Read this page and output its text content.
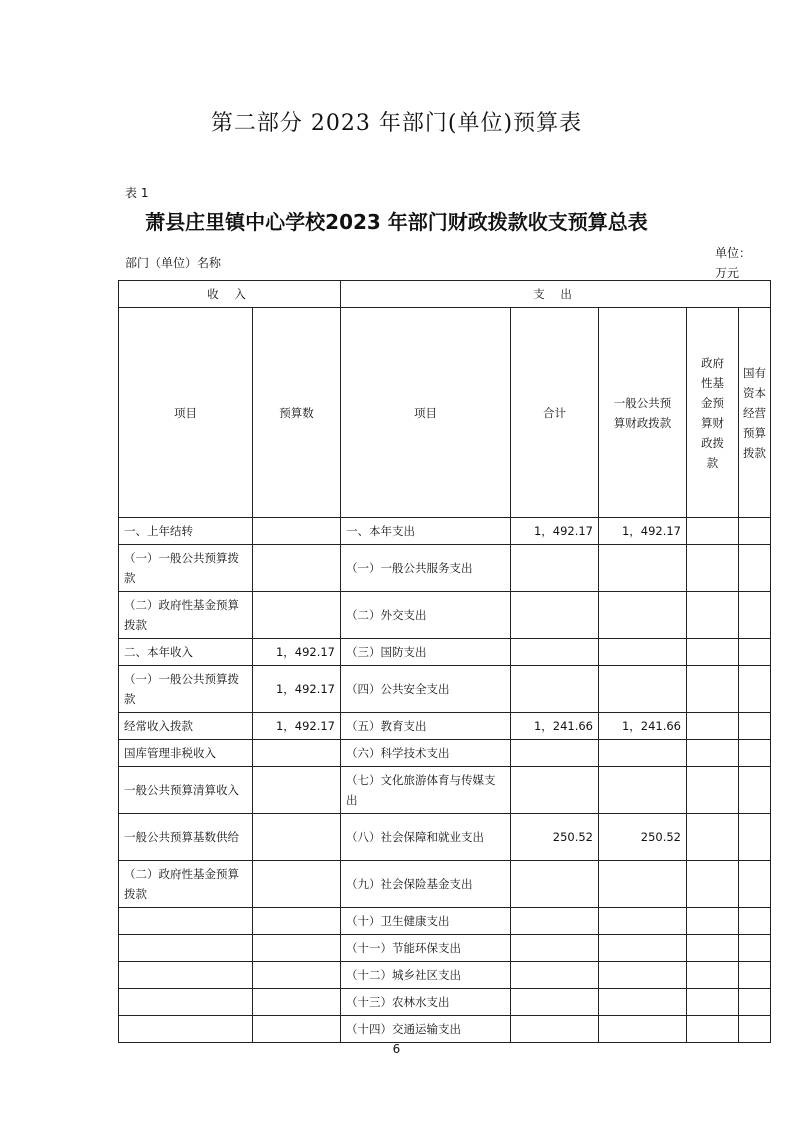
第二部分 2023 年部门(单位)预算表
表 1
萧县庄里镇中心学校2023 年部门财政拨款收支预算总表
部门（单位）名称
单位：
万元
收 入		支 出				
项目	预算数	项目	合计	一般公共预算财政拨款	政府性基金预算财政拨款	国有资本经营预算拨款
一、上年结转		一、本年支出	1，492.17	1，492.17		
（一）一般公共预算拨款		（一）一般公共服务支出				
（二）政府性基金预算拨款		（二）外交支出				
二、本年收入	1，492.17	（三）国防支出				
（一）一般公共预算拨款	1，492.17	（四）公共安全支出				
经常收入拨款	1，492.17	（五）教育支出	1，241.66	1，241.66		
国库管理非税收入		（六）科学技术支出				
一般公共预算清算收入		（七）文化旅游体育与传媒支出				
一般公共预算基数供给		（八）社会保障和就业支出	250.52	250.52		
（二）政府性基金预算拨款		（九）社会保险基金支出				
		（十）卫生健康支出				
		（十一）节能环保支出				
		（十二）城乡社区支出				
		（十三）农林水支出				
		（十四）交通运输支出				
6
